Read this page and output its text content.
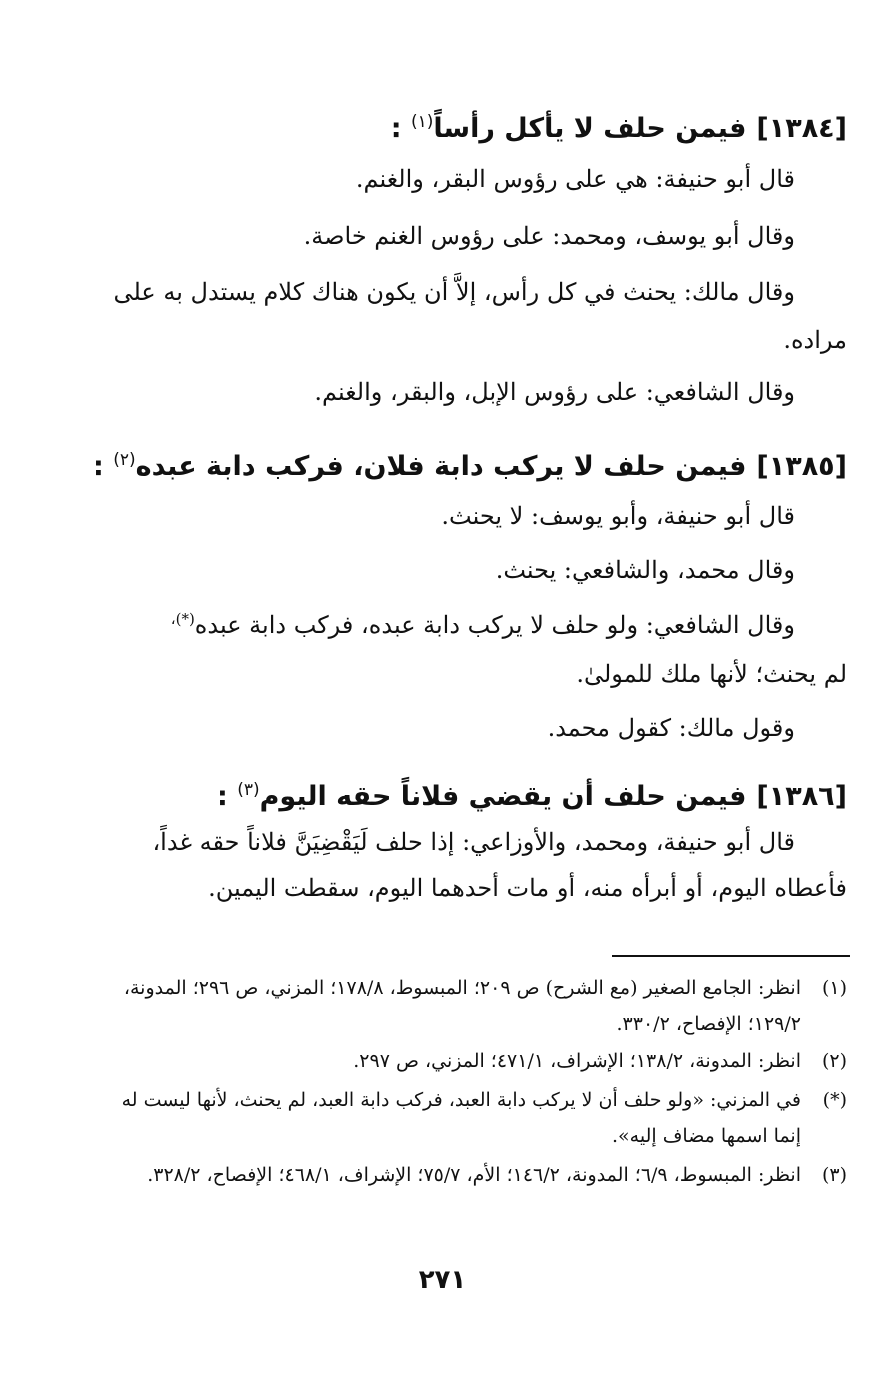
[١٣٨٤]فيمن حلف لا يأكل رأساً$^{(١)}$ :
قال أبو حنيفة: هي على رؤوس البقر، والغنم.
وقال أبو يوسف، ومحمد: على رؤوس الغنم خاصة.
وقال مالك: يحنث في كل رأس، إلاَّ أن يكون هناك كلام يستدل به على
مراده.
وقال الشافعي: على رؤوس الإبل، والبقر، والغنم.
[١٣٨٥]فيمن حلف لا يركب دابة فلان، فركب دابة عبده$^{(٢)}$ :
قال أبو حنيفة، وأبو يوسف: لا يحنث.
وقال محمد، والشافعي: يحنث.
وقال الشافعي: ولو حلف لا يركب دابة عبده، فركب دابة عبده(*)،
لم يحنث؛ لأنها ملك للمولىٰ.
وقول مالك: كقول محمد.
[١٣٨٦]فيمن حلف أن يقضي فلاناً حقه اليوم$^{(٣)}$ :
قال أبو حنيفة، ومحمد، والأوزاعي: إذا حلف لَيَقْضِيَنَّ فلاناً حقه غداً،
فأعطاه اليوم، أو أبرأه منه، أو مات أحدهما اليوم، سقطت اليمين.
(١)
انظر: الجامع الصغير (مع الشرح) ص ٢٠٩؛ المبسوط، ١٧٨/٨؛ المزني، ص ٢٩٦؛ المدونة، ١٢٩/٢؛ الإفصاح، ٣٣٠/٢.
(٢)
انظر: المدونة، ١٣٨/٢؛ الإشراف، ٤٧١/١؛ المزني، ص ٢٩٧.
(*)
في المزني: «ولو حلف أن لا يركب دابة العبد، فركب دابة العبد، لم يحنث، لأنها ليست له إنما اسمها مضاف إليه».
(٣)
انظر: المبسوط، ٦/٩؛ المدونة، ١٤٦/٢؛ الأم، ٧٥/٧؛ الإشراف، ٤٦٨/١؛ الإفصاح، ٣٢٨/٢.
٢٧١
